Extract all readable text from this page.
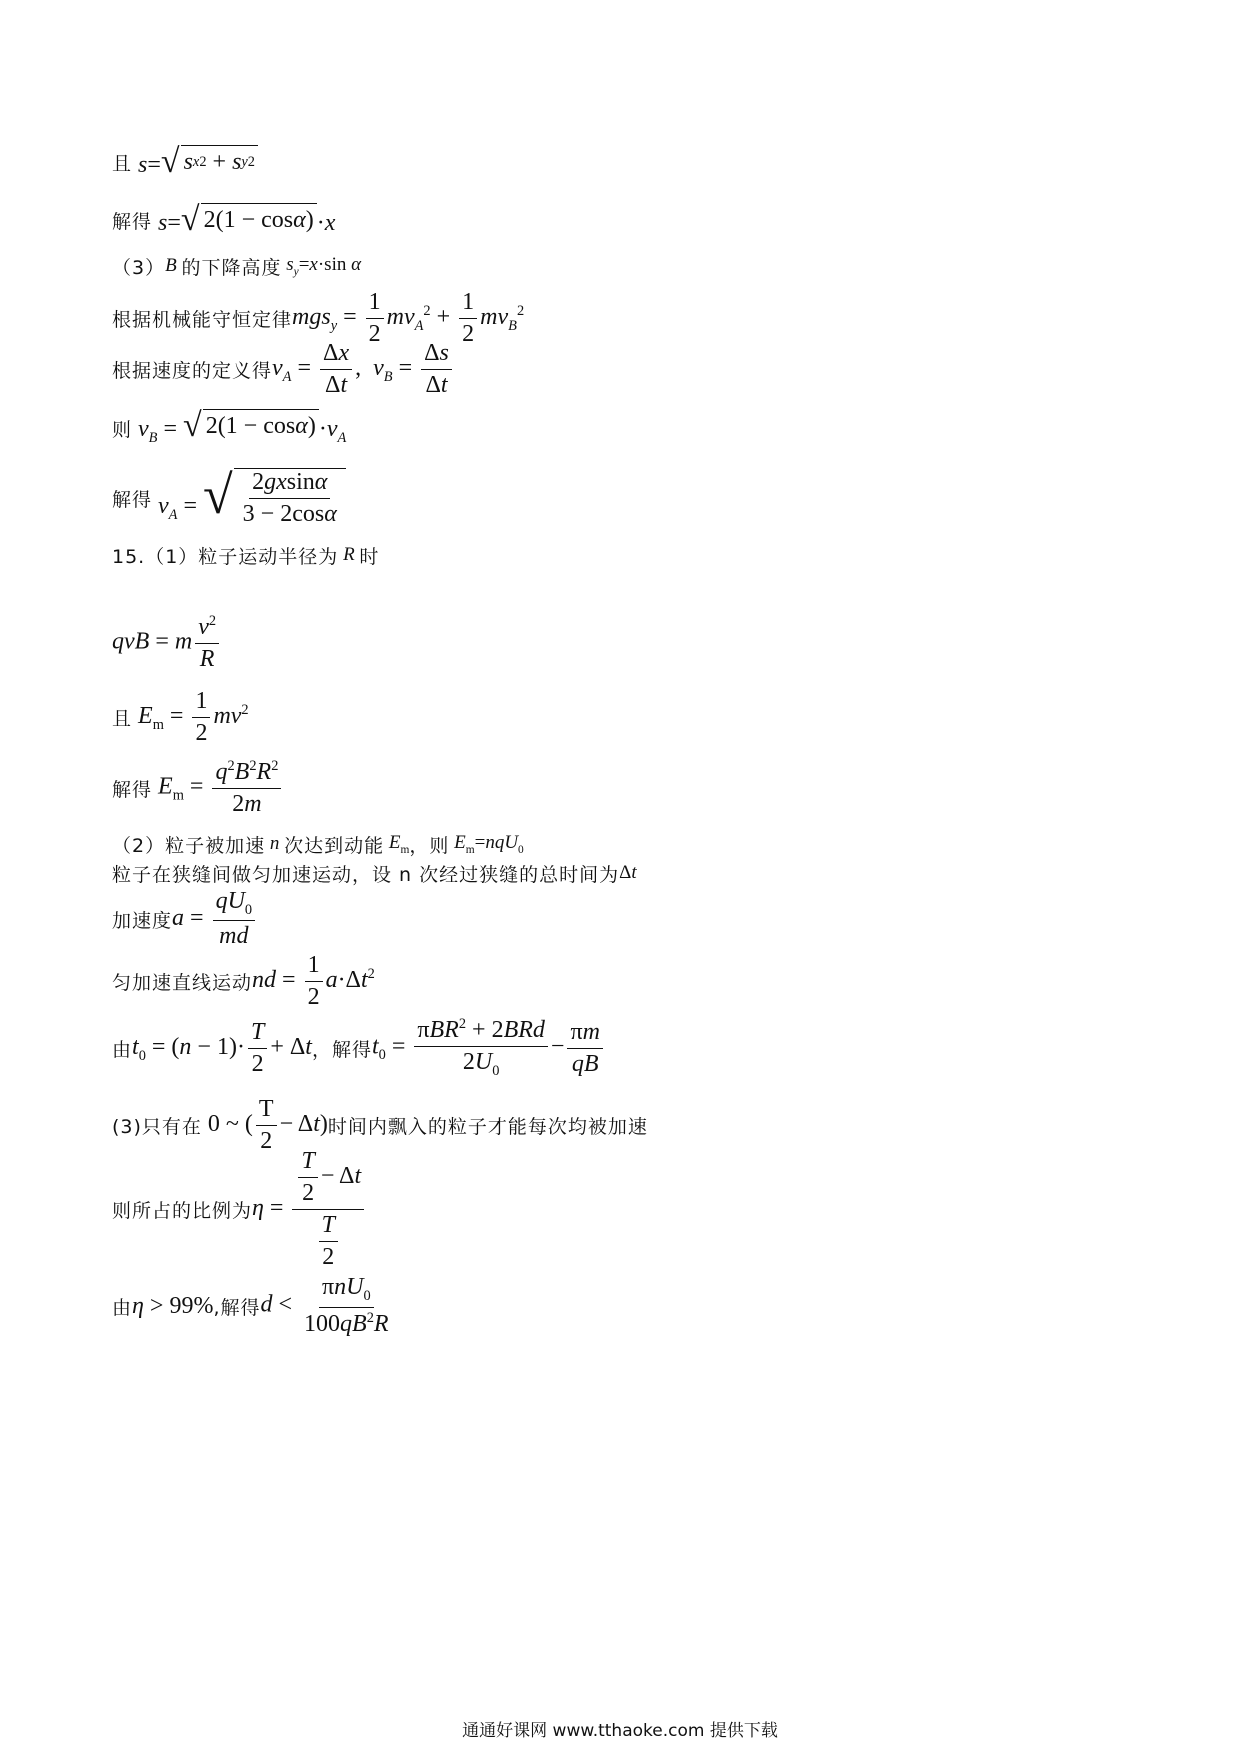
且 s= √ s x 2 + s y 2
解得 s= √ 2(1 − cos α ) ·x
（3） B 的下降高度 $s_y=x\cdot\sin$ α
根据机械能守恒定律 $mgs_y = \frac{1}{2} mv_A^2 + \frac{1}{2} mv_B^2$
根据速度的定义得 $v_A = \frac{\Delta x}{\Delta t}$ ,  $v_B = \frac{\Delta s}{\Delta t}$
则 $v_B$ = √ 2(1 − cos α ) $\cdot v_A$
解得 $v_A$ = √ $\frac{2gxsin\alpha}{3 - 2\cos\alpha}$
15.（1）粒子运动半径为 R 时
qvB = m $\frac{v^2}{R}$
且 $E_m = \frac{1}{2} mv^2$
解得 $E_m = \frac{q^2B^2R^2}{2m}$
（2）粒子被加速 n 次达到动能 $E_m$ ，则 $E_m=nqU_0$
粒子在狭缝间做匀加速运动，设 n 次经过狭缝的总时间为 Δt
加速度 $a = \frac{qU_0}{md}$
匀加速直线运动 nd = $\frac{1}{2} a\cdot\Delta t^2$
由 $t_0 = (n - 1)\cdot \frac{T}{2} + \Delta t$ ，解得 $t_0 = \frac{\pi BR^2 + 2BRd}{2U_0} - \frac{\pi m}{qB}$
(3)只有在 0 ~ ( $\frac{T}{2} - \Delta t$) 时间内飘入的粒子才能每次均被加速
则所占的比例为 $\eta = \frac{\frac{T}{2} - \Delta t}{\frac{T}{2}}$
由 η > 99% ,解得 $d < \frac{\pi nU_0}{100qB^2R}$
通通好课网 www.tthaoke.com 提供下载
